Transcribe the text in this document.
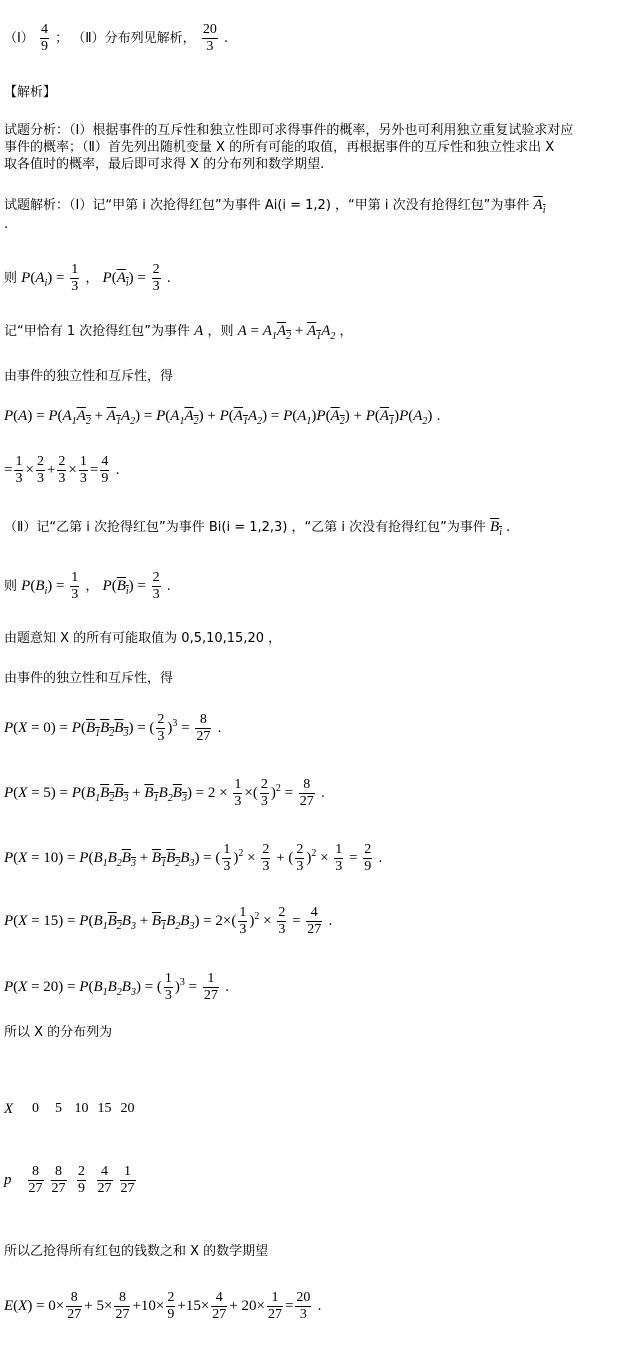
（Ⅰ） $\frac{4}{9}$ ； （Ⅱ）分布列见解析， $\frac{20}{3}$ .
【解析】
试题分析：（Ⅰ）根据事件的互斥性和独立性即可求得事件的概率，另外也可利用独立重复试验求对应
事件的概率；（Ⅱ）首先列出随机变量 X 的所有可能的取值，再根据事件的互斥性和独立性求出 X
取各值时的概率，最后即可求得 X 的分布列和数学期望.
试题解析：（Ⅰ）记“甲第 i 次抢得红包”为事件 Ai(i = 1,2) ，“甲第 i 次没有抢得红包”为事件 $A_i$
.
则 $P(A_i) = \frac{1}{3}$ ， $P(A_i) = \frac{2}{3}$ .
记“甲恰有 1 次抢得红包”为事件 A ，则 $A = A_1A_2 + A_1A_2$ ，
由事件的独立性和互斥性，得
$P(A) = P(A_1A_2 + A_1A_2) = P(A_1A_2) + P(A_1A_2) = P(A_1)P(A_2) + P(A_1)P(A_2)$ .
= $\frac{1}{3} \times \frac{2}{3} + \frac{2}{3} \times \frac{1}{3} = \frac{4}{9}$ .
（Ⅱ）记“乙第 i 次抢得红包”为事件 Bi(i = 1,2,3) ，“乙第 i 次没有抢得红包”为事件 $B_i$ .
则 $P(B_i) = \frac{1}{3}$ ， $P(B_i) = \frac{2}{3}$ .
由题意知 X 的所有可能取值为 0,5,10,15,20 ，
由事件的独立性和互斥性，得
$P(X = 0) = P(B_1B_2B_3)$ = ( $\frac{2}{3} )^3 = \frac{8}{27}$ .
$P(X = 5) = P(B_1B_2B_3 + B_1B_2B_3) = 2 \times \frac{1}{3}$ ×( $\frac{2}{3} )^2 = \frac{8}{27}$ .
$P(X = 10) = P(B_1B_2B_3 + B_1B_2B_3)$ = ( $\frac{1}{3} )^2 \times \frac{2}{3}$ + ( $\frac{2}{3} )^2 \times \frac{1}{3} = \frac{2}{9}$ .
$P(X = 15) = P(B_1B_2B_3 + B_1B_2B_3) = 2\times( \frac{1}{3} )^2 \times \frac{2}{3} = \frac{4}{27}$ .
$P(X = 20) = P(B_1B_2B_3)$ = ( $\frac{1}{3} )^3 = \frac{1}{27}$ .
所以 X 的分布列为
X	0	5 10 15 20
p	$\frac{8}{27} \frac{8}{27} \frac{2}{9} \frac{4}{27} \frac{1}{27}$
所以乙抢得所有红包的钱数之和 X 的数学期望
$E(X) = 0\times \frac{8}{27} + 5\times \frac{8}{27} +10\times \frac{2}{9} +15\times \frac{4}{27} + 20\times \frac{1}{27} = \frac{20}{3}$ .
